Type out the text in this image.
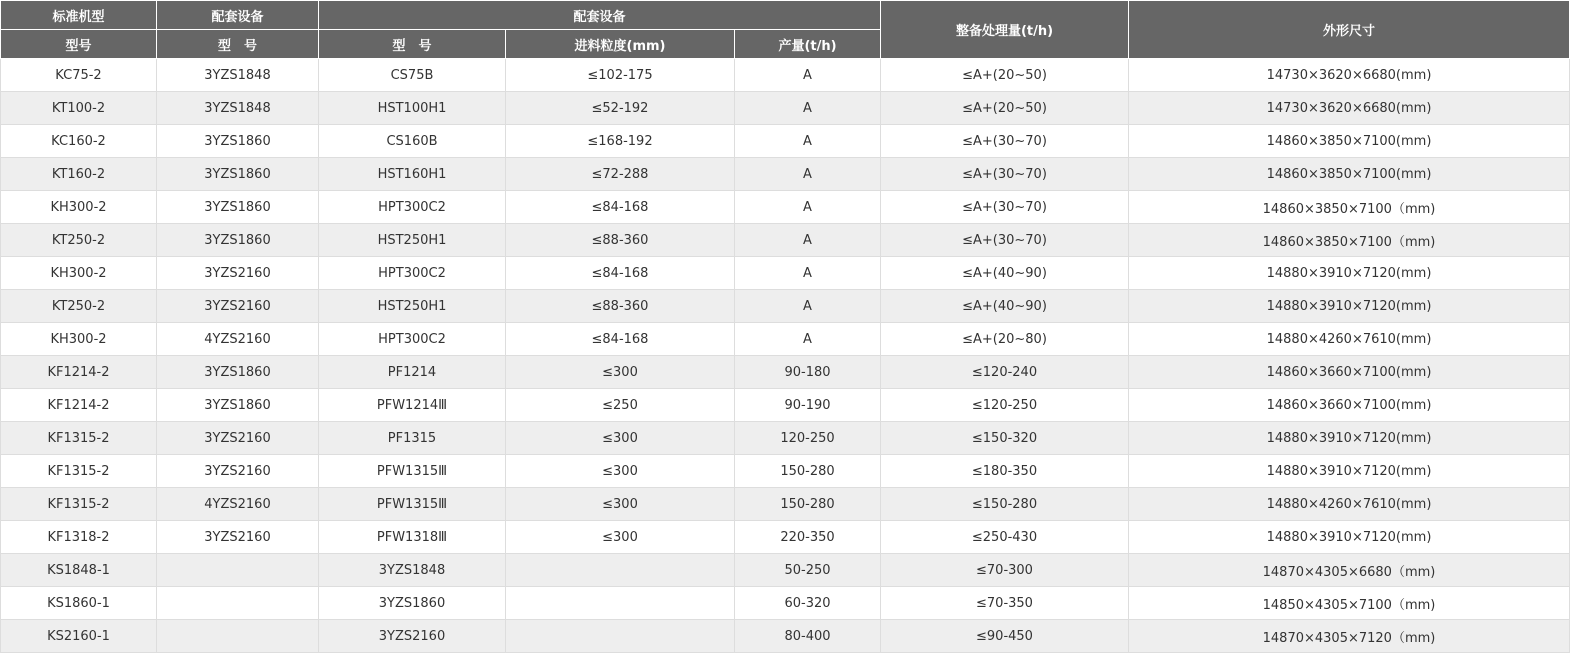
标准机型	配套设备	配套设备			整备处理量(t/h)	外形尺寸
型号	型　号	型　号	进料粒度(mm)	产量(t/h)		
KC75-2	3YZS1848	CS75B	≤102-175	A	≤A+(20~50)	14730×3620×6680(mm)
KT100-2	3YZS1848	HST100H1	≤52-192	A	≤A+(20~50)	14730×3620×6680(mm)
KC160-2	3YZS1860	CS160B	≤168-192	A	≤A+(30~70)	14860×3850×7100(mm)
KT160-2	3YZS1860	HST160H1	≤72-288	A	≤A+(30~70)	14860×3850×7100(mm)
KH300-2	3YZS1860	HPT300C2	≤84-168	A	≤A+(30~70)	14860×3850×7100（mm)
KT250-2	3YZS1860	HST250H1	≤88-360	A	≤A+(30~70)	14860×3850×7100（mm)
KH300-2	3YZS2160	HPT300C2	≤84-168	A	≤A+(40~90)	14880×3910×7120(mm)
KT250-2	3YZS2160	HST250H1	≤88-360	A	≤A+(40~90)	14880×3910×7120(mm)
KH300-2	4YZS2160	HPT300C2	≤84-168	A	≤A+(20~80)	14880×4260×7610(mm)
KF1214-2	3YZS1860	PF1214	≤300	90-180	≤120-240	14860×3660×7100(mm)
KF1214-2	3YZS1860	PFW1214Ⅲ	≤250	90-190	≤120-250	14860×3660×7100(mm)
KF1315-2	3YZS2160	PF1315	≤300	120-250	≤150-320	14880×3910×7120(mm)
KF1315-2	3YZS2160	PFW1315Ⅲ	≤300	150-280	≤180-350	14880×3910×7120(mm)
KF1315-2	4YZS2160	PFW1315Ⅲ	≤300	150-280	≤150-280	14880×4260×7610(mm)
KF1318-2	3YZS2160	PFW1318Ⅲ	≤300	220-350	≤250-430	14880×3910×7120(mm)
KS1848-1		3YZS1848		50-250	≤70-300	14870×4305×6680（mm)
KS1860-1		3YZS1860		60-320	≤70-350	14850×4305×7100（mm)
KS2160-1		3YZS2160		80-400	≤90-450	14870×4305×7120（mm)
